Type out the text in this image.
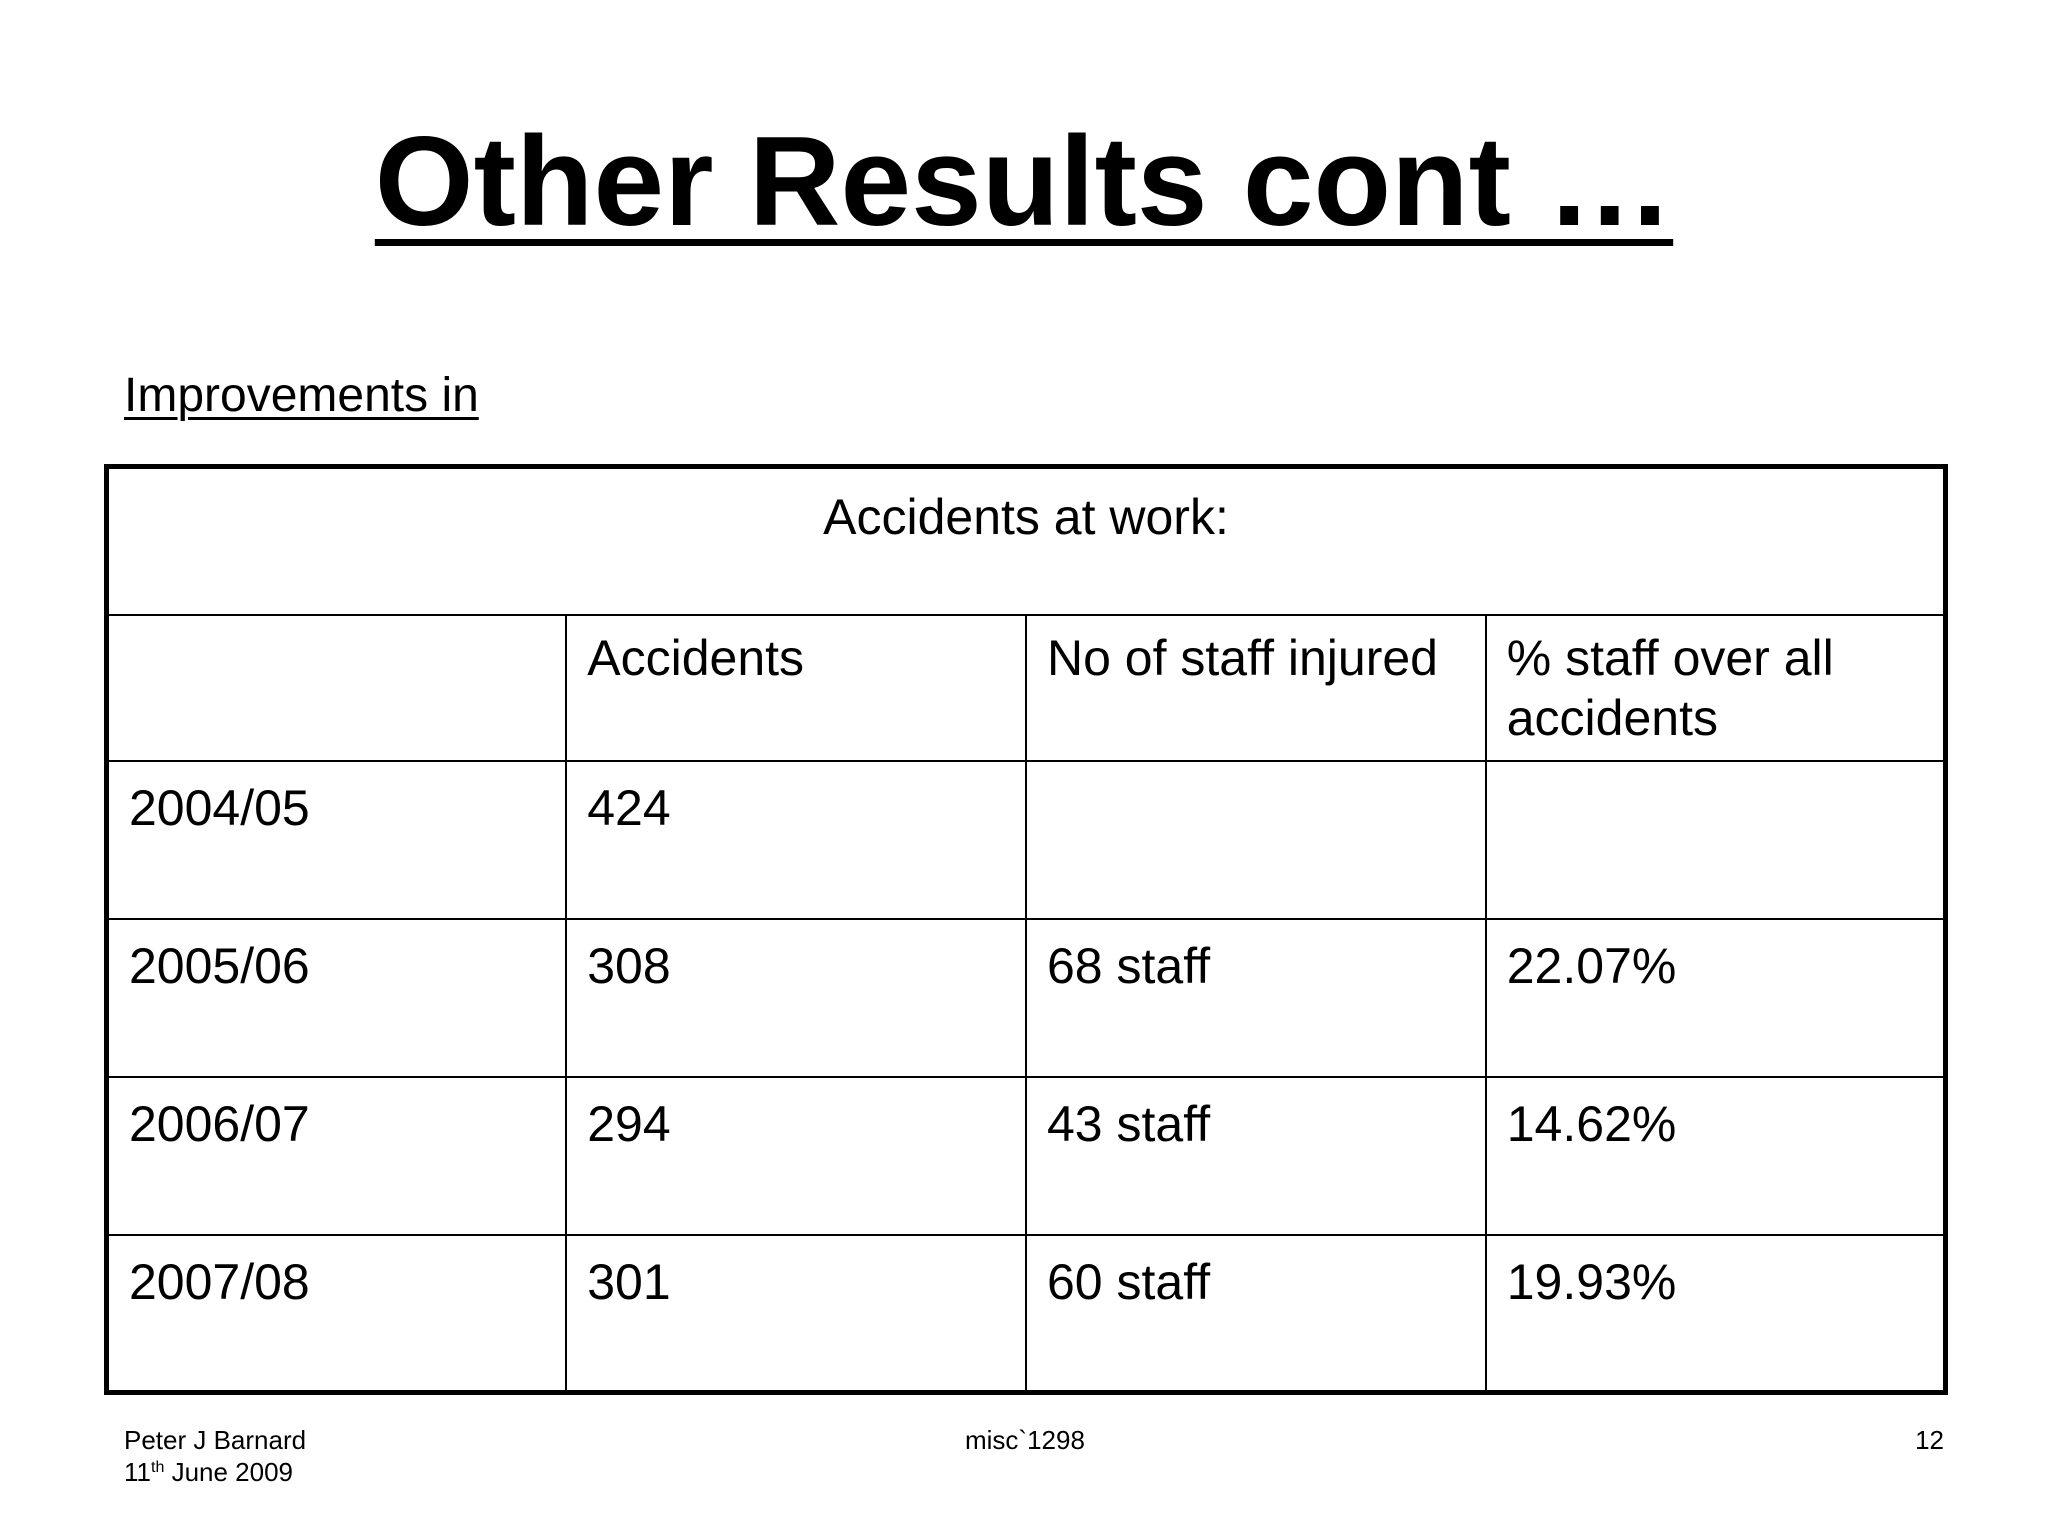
Other Results cont …
Improvements in
Accidents at work:			
	Accidents	No of staff injured	% staff over all accidents
2004/05	424		
2005/06	308	68 staff	22.07%
2006/07	294	43 staff	14.62%
2007/08	301	60 staff	19.93%
Peter J Barnard
11th June 2009
misc`1298	12
